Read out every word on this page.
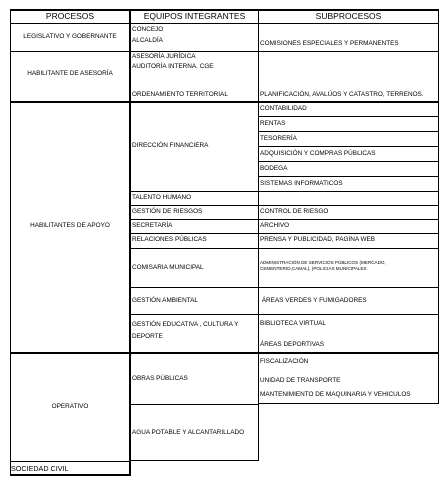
PROCESOS	EQUIPOS INTEGRANTES	SUBPROCESOS
LEGISLATIVO Y GOBERNANTE
HABILITANTE DE ASESORÍA
HABILITANTES DE APOYO
OPERATIVO
SOCIEDAD CIVIL
CONCEJO
ALCALDÍA
ASESORÍA JURÍDICA
AUDITORÍA INTERNA. CGE
ORDENAMIENTO TERRITORIAL
DIRECCIÓN FINANCIERA
TALENTO HUMANO
GESTIÓN DE RIESGOS
SECRETARÍA
RELACIONES PÚBLICAS
COMISARIA MUNICIPAL
GESTIÓN AMBIENTAL
GESTIÓN EDUCATIVA , CULTURA Y
DEPORTE
OBRAS PÚBLICAS
AGUA POTABLE Y ALCANTARILLADO
COMISIONES ESPECIALES Y PERMANENTES
PLANIFICACIÓN, AVALÚOS Y CATASTRO, TERRENOS.
CONTABILIDAD
RENTAS
TESORERÍA
ADQUISICIÓN Y COMPRAS PÚBLICAS
BODEGA
SISTEMAS INFORMATICOS
CONTROL DE RIESGO
ARCHIVO
PRENSA Y PUBLICIDAD, PAGINA WEB
ADMINISTRACIÓN DE SERVICIOS PÚBLICOS (MERCADO,
CEMENTERIO,CAMAL), )POLICIAS MUNICIPALES
ÁREAS VERDES Y FUMIGADORES
BIBLIOTECA VIRTUAL
ÁREAS DEPORTIVAS
FISCALIZACIÓN
UNIDAD DE TRANSPORTE
MANTENIMIENTO DE MAQUINARIA Y VEHICULOS
